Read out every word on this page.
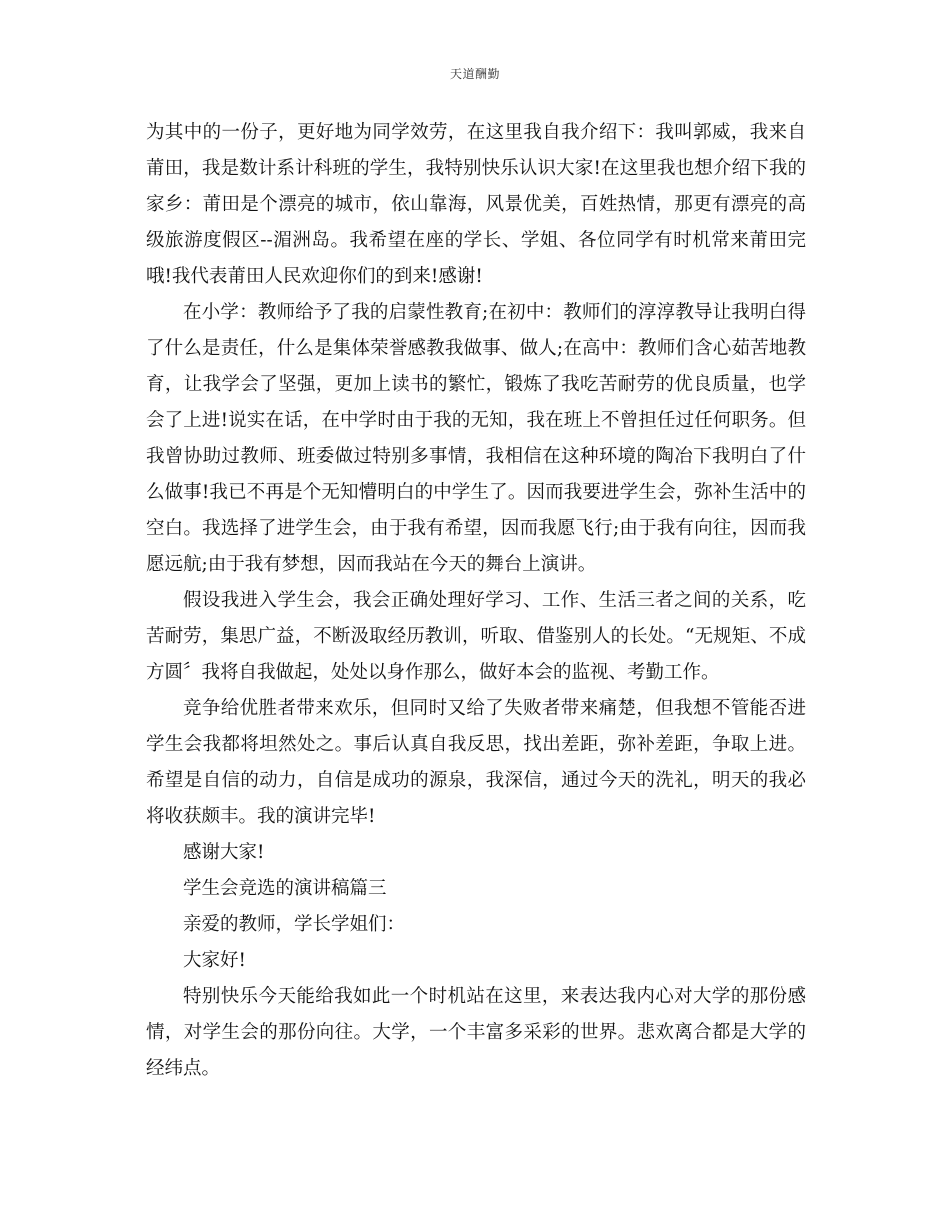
天道酬勤

为其中的一份子，更好地为同学效劳，在这里我自我介绍下：我叫郭威，我来自莆田，我是数计系计科班的学生，我特别快乐认识大家!在这里我也想介绍下我的家乡：莆田是个漂亮的城市，依山靠海，风景优美，百姓热情，那更有漂亮的高级旅游度假区--湄洲岛。我希望在座的学长、学姐、各位同学有时机常来莆田完哦!我代表莆田人民欢迎你们的到来!感谢!

在小学：教师给予了我的启蒙性教育;在初中：教师们的淳淳教导让我明白得了什么是责任，什么是集体荣誉感教我做事、做人;在高中：教师们含心茹苦地教育，让我学会了坚强，更加上读书的繁忙，锻炼了我吃苦耐劳的优良质量，也学会了上进!说实在话，在中学时由于我的无知，我在班上不曾担任过任何职务。但我曾协助过教师、班委做过特别多事情，我相信在这种环境的陶冶下我明白了什么做事!我已不再是个无知懵明白的中学生了。因而我要进学生会，弥补生活中的空白。我选择了进学生会，由于我有希望，因而我愿飞行;由于我有向往，因而我愿远航;由于我有梦想，因而我站在今天的舞台上演讲。

假设我进入学生会，我会正确处理好学习、工作、生活三者之间的关系，吃苦耐劳，集思广益，不断汲取经历教训，听取、借鉴别人的长处。“无规矩、不成方圆〞我将自我做起，处处以身作那么，做好本会的监视、考勤工作。

竞争给优胜者带来欢乐，但同时又给了失败者带来痛楚，但我想不管能否进学生会我都将坦然处之。事后认真自我反思，找出差距，弥补差距，争取上进。希望是自信的动力，自信是成功的源泉，我深信，通过今天的洗礼，明天的我必将收获颇丰。我的演讲完毕!

感谢大家!

学生会竞选的演讲稿篇三

亲爱的教师，学长学姐们：

大家好!

特别快乐今天能给我如此一个时机站在这里，来表达我内心对大学的那份感情，对学生会的那份向往。大学，一个丰富多采彩的世界。悲欢离合都是大学的经纬点。
